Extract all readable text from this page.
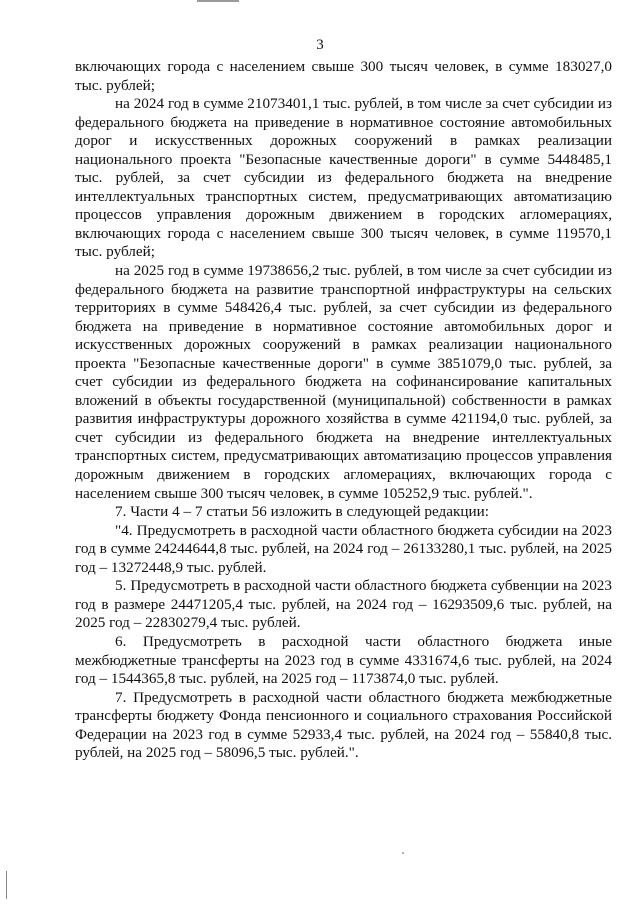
3

включающих города с населением свыше 300 тысяч человек, в сумме 183027,0 тыс. рублей;

на 2024 год в сумме 21073401,1 тыс. рублей, в том числе за счет субсидии из федерального бюджета на приведение в нормативное состояние автомобильных дорог и искусственных дорожных сооружений в рамках реализации национального проекта "Безопасные качественные дороги" в сумме 5448485,1 тыс. рублей, за счет субсидии из федерального бюджета на внедрение интеллектуальных транспортных систем, предусматривающих автоматизацию процессов управления дорожным движением в городских агломерациях, включающих города с населением свыше 300 тысяч человек, в сумме 119570,1 тыс. рублей;

на 2025 год в сумме 19738656,2 тыс. рублей, в том числе за счет субсидии из федерального бюджета на развитие транспортной инфраструктуры на сельских территориях в сумме 548426,4 тыс. рублей, за счет субсидии из федерального бюджета на приведение в нормативное состояние автомобильных дорог и искусственных дорожных сооружений в рамках реализации национального проекта "Безопасные качественные дороги" в сумме 3851079,0 тыс. рублей, за счет субсидии из федерального бюджета на софинансирование капитальных вложений в объекты государственной (муниципальной) собственности в рамках развития инфраструктуры дорожного хозяйства в сумме 421194,0 тыс. рублей, за счет субсидии из федерального бюджета на внедрение интеллектуальных транспортных систем, предусматривающих автоматизацию процессов управления дорожным движением в городских агломерациях, включающих города с населением свыше 300 тысяч человек, в сумме 105252,9 тыс. рублей.".

7. Части 4 – 7 статьи 56 изложить в следующей редакции:

"4. Предусмотреть в расходной части областного бюджета субсидии на 2023 год в сумме 24244644,8 тыс. рублей, на 2024 год – 26133280,1 тыс. рублей, на 2025 год – 13272448,9 тыс. рублей.

5. Предусмотреть в расходной части областного бюджета субвенции на 2023 год в размере 24471205,4 тыс. рублей, на 2024 год – 16293509,6 тыс. рублей, на 2025 год – 22830279,4 тыс. рублей.

6. Предусмотреть в расходной части областного бюджета иные межбюджетные трансферты на 2023 год в сумме 4331674,6 тыс. рублей, на 2024 год – 1544365,8 тыс. рублей, на 2025 год – 1173874,0 тыс. рублей.

7. Предусмотреть в расходной части областного бюджета межбюджетные трансферты бюджету Фонда пенсионного и социального страхования Российской Федерации на 2023 год в сумме 52933,4 тыс. рублей, на 2024 год – 55840,8 тыс. рублей, на 2025 год – 58096,5 тыс. рублей.".
